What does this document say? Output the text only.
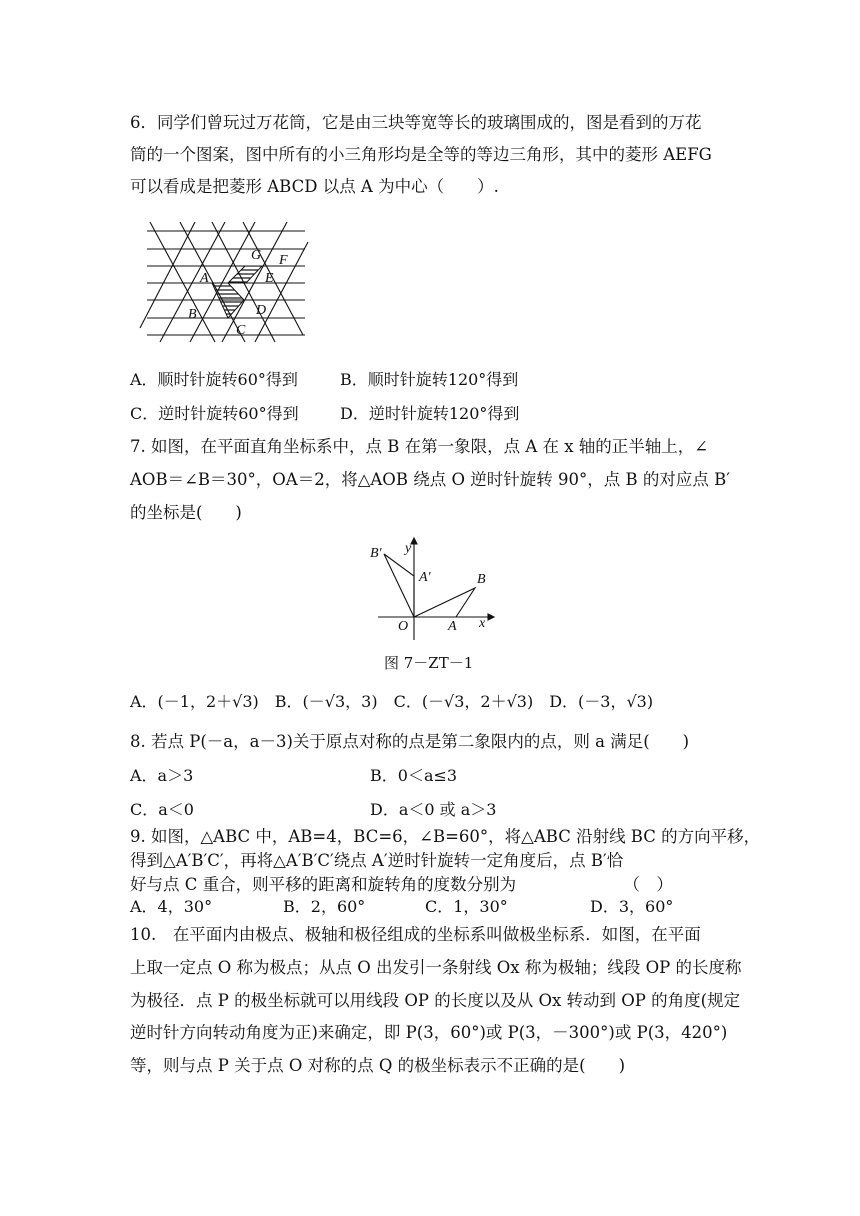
6．同学们曾玩过万花筒，它是由三块等宽等长的玻璃围成的，图是看到的万花
筒的一个图案，图中所有的小三角形均是全等的等边三角形，其中的菱形 AEFG
可以看成是把菱形 ABCD 以点 A 为中心（　　）.
G F
A	E
B	D
C
A．顺时针旋转60°得到	B．顺时针旋转120°得到
C．逆时针旋转60°得到	D．逆时针旋转120°得到
7. 如图，在平面直角坐标系中，点 B 在第一象限，点 A 在 x 轴的正半轴上，∠
AOB＝∠B＝30°，OA＝2，将△AOB 绕点 O 逆时针旋转 90°，点 B 的对应点 B′
的坐标是(　　)
B′ y
A′	B
O	A x
图 7－ZT－1
A．(－1，2＋√3)　B．(－√3，3)　C．(－√3，2＋√3)　D．(－3，√3)
8. 若点 P(－a，a－3)关于原点对称的点是第二象限内的点，则 a 满足(　　)
A．a＞3	B．0＜a≤3
C．a＜0	D．a＜0 或 a＞3
9. 如图，△ABC 中，AB=4，BC=6，∠B=60°，将△ABC 沿射线 BC 的方向平移，
得到△A′B′C′，再将△A′B′C′绕点 A′逆时针旋转一定角度后，点 B′恰
好与点 C 重合，则平移的距离和旋转角的度数分别为　　　　　　　（　）
A．4，30°	B．2，60°	C．1，30°	D．3，60°
10.　在平面内由极点、极轴和极径组成的坐标系叫做极坐标系．如图，在平面
上取一定点 O 称为极点；从点 O 出发引一条射线 Ox 称为极轴；线段 OP 的长度称
为极径．点 P 的极坐标就可以用线段 OP 的长度以及从 Ox 转动到 OP 的角度(规定
逆时针方向转动角度为正)来确定，即 P(3，60°)或 P(3，－300°)或 P(3，420°)
等，则与点 P 关于点 O 对称的点 Q 的极坐标表示不正确的是(　　)
